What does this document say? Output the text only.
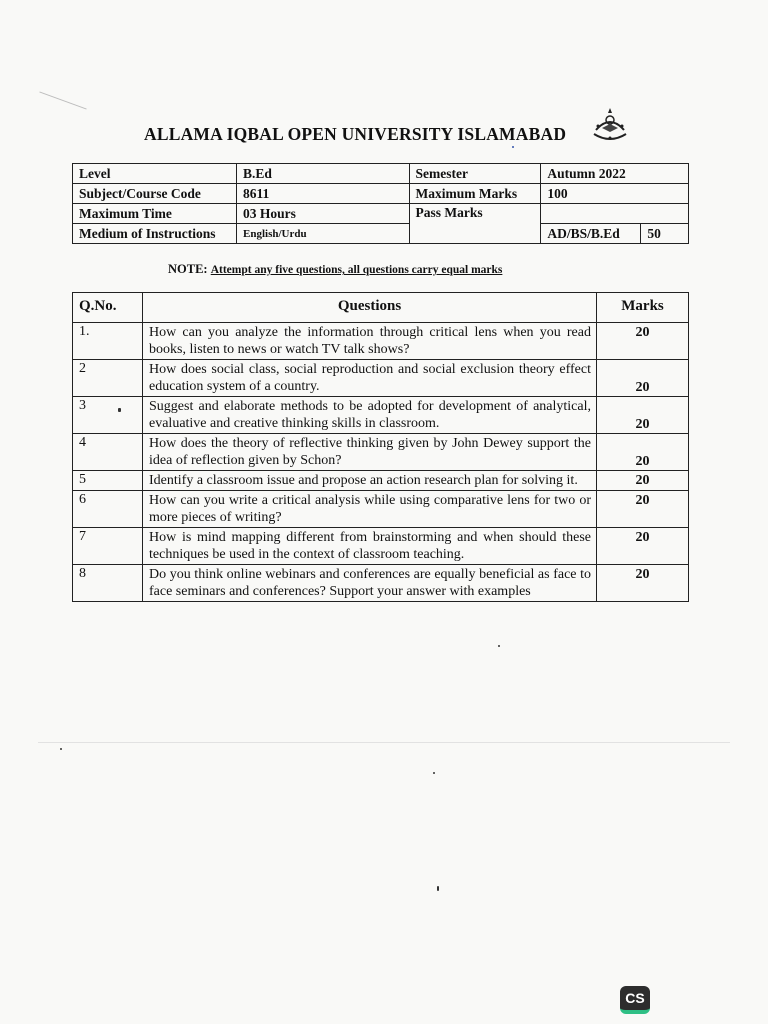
ALLAMA IQBAL OPEN UNIVERSITY ISLAMABAD
Level	B.Ed	Semester	Autumn 2022	
Subject/Course Code	8611	Maximum Marks	100	
Maximum Time	03 Hours	Pass Marks		
Medium of Instructions	English/Urdu		AD/BS/B.Ed	50
NOTE: Attempt any five questions, all questions carry equal marks
Q.No.	Questions	Marks
1.	How can you analyze the information through critical lens when you read books, listen to news or watch TV talk shows?	20
2	How does social class, social reproduction and social exclusion theory effect education system of a country.	20
3	Suggest and elaborate methods to be adopted for development of analytical, evaluative and creative thinking skills in classroom.	20
4	How does the theory of reflective thinking given by John Dewey support the idea of reflection given by Schon?	20
5	Identify a classroom issue and propose an action research plan for solving it.	20
6	How can you write a critical analysis while using comparative lens for two or more pieces of writing?	20
7	How is mind mapping different from brainstorming and when should these techniques be used in the context of classroom teaching.	20
8	Do you think online webinars and conferences are equally beneficial as face to face seminars and conferences? Support your answer with examples	20
CS
